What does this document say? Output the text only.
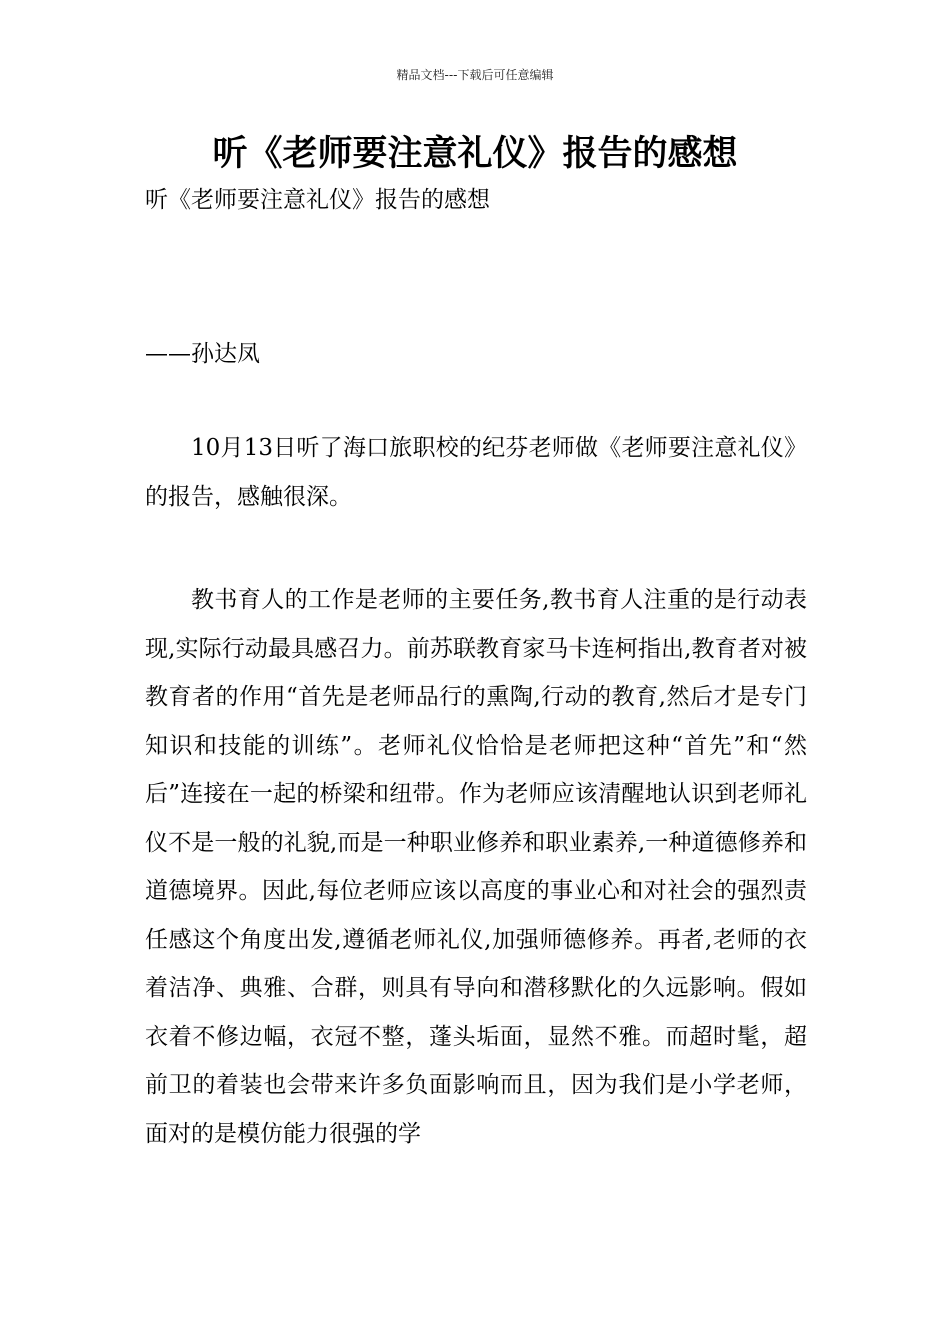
精品文档---下载后可任意编辑
听《老师要注意礼仪》报告的感想
听《老师要注意礼仪》报告的感想
——孙达凤

10月13日听了海口旅职校的纪芬老师做《老师要注意礼仪》的报告，感触很深。

教书育人的工作是老师的主要任务,教书育人注重的是行动表现,实际行动最具感召力。前苏联教育家马卡连柯指出,教育者对被教育者的作用“首先是老师品行的熏陶,行动的教育,然后才是专门知识和技能的训练”。老师礼仪恰恰是老师把这种“首先”和“然后”连接在一起的桥梁和纽带。作为老师应该清醒地认识到老师礼仪不是一般的礼貌,而是一种职业修养和职业素养,一种道德修养和道德境界。因此,每位老师应该以高度的事业心和对社会的强烈责任感这个角度出发,遵循老师礼仪,加强师德修养。再者,老师的衣着洁净、典雅、合群，则具有导向和潜移默化的久远影响。假如衣着不修边幅，衣冠不整，蓬头垢面，显然不雅。而超时髦，超前卫的着装也会带来许多负面影响而且，因为我们是小学老师，面对的是模仿能力很强的学
